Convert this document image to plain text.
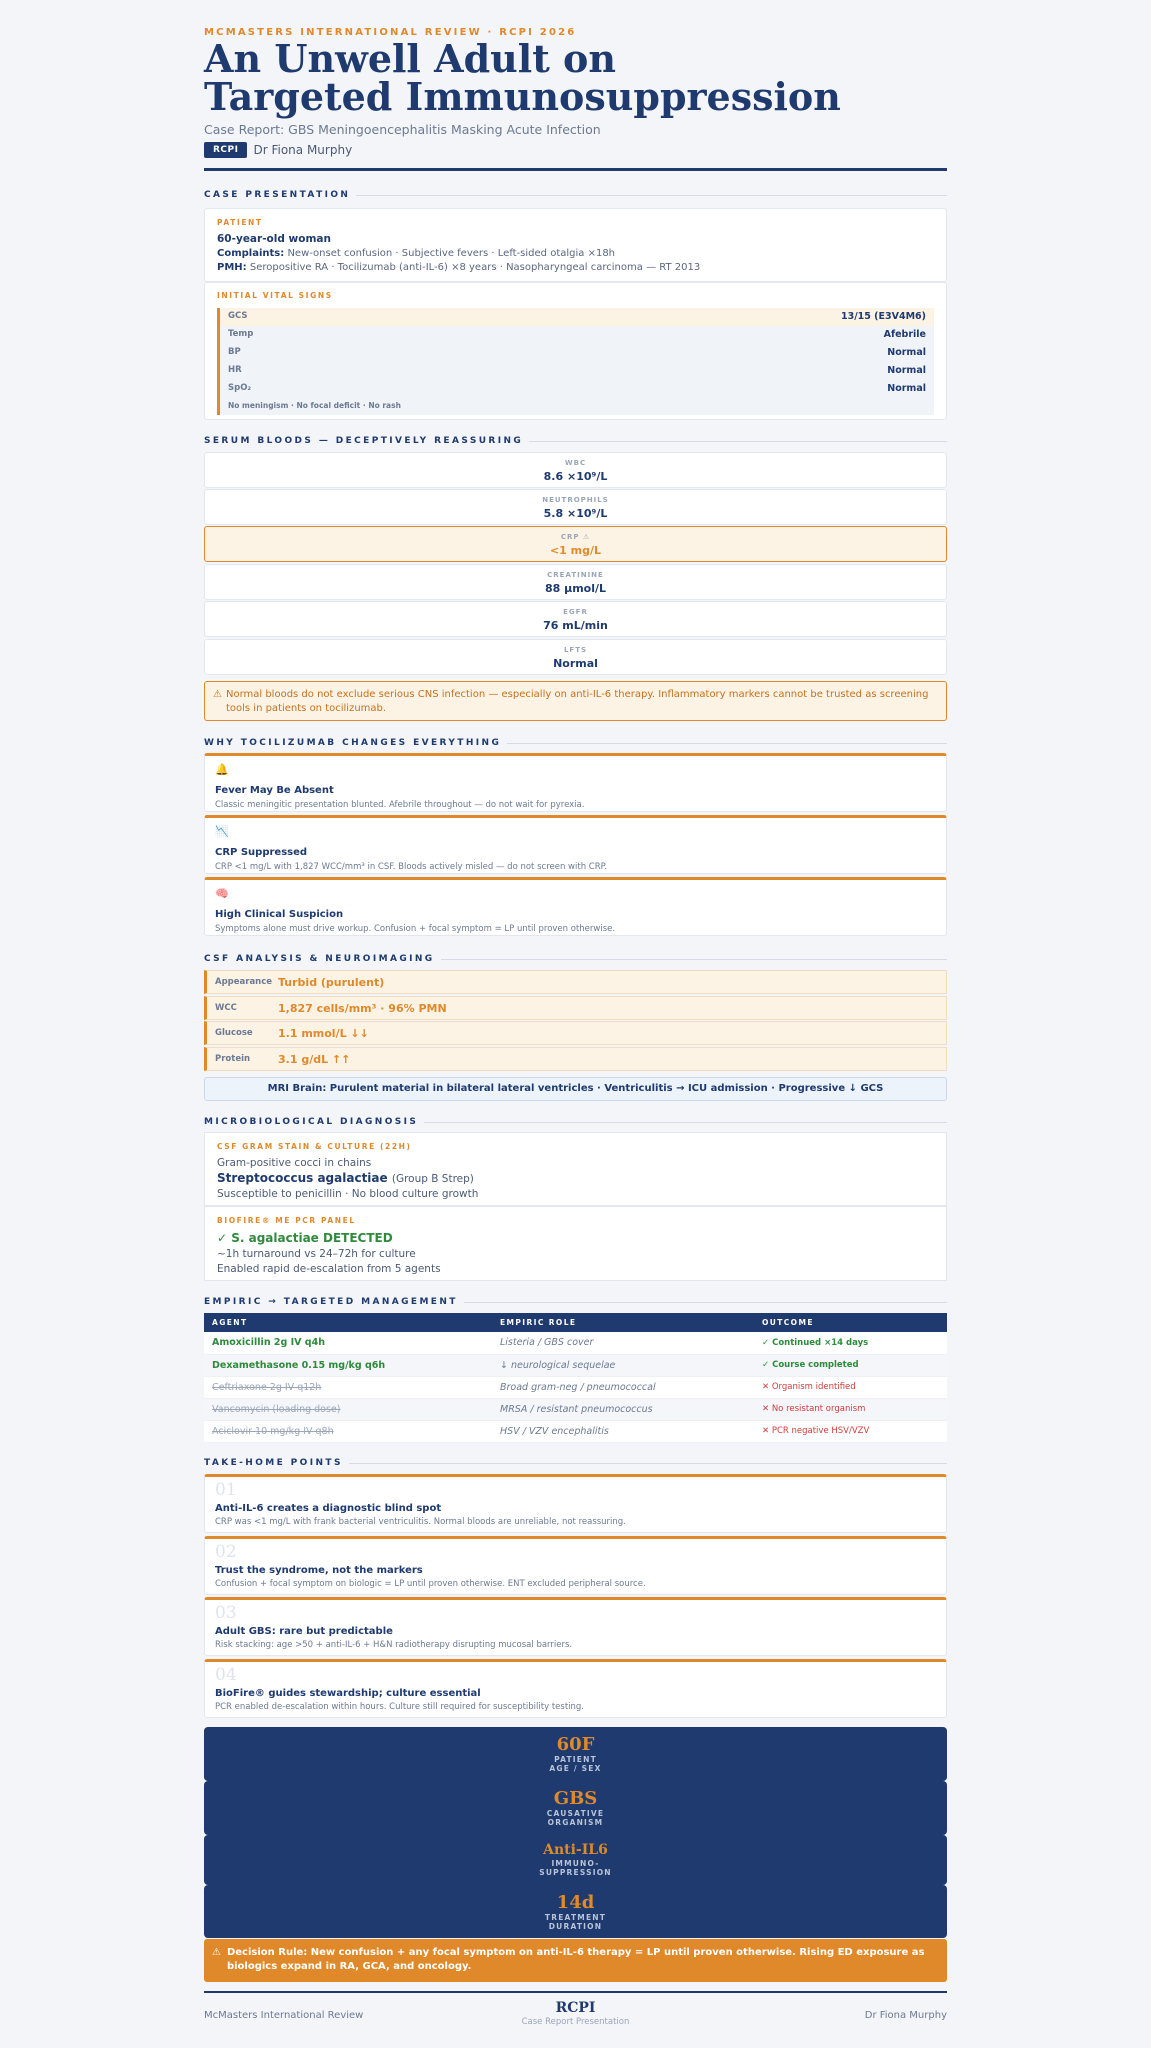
MCMASTERS INTERNATIONAL REVIEW · RCPI 2026
An Unwell Adult on
Targeted Immunosuppression
Case Report: GBS Meningoencephalitis Masking Acute Infection
RCPI	Dr Fiona Murphy
CASE PRESENTATION
PATIENT
60-year-old woman
Complaints: New-onset confusion · Subjective fevers · Left-sided otalgia ×18h
PMH: Seropositive RA · Tocilizumab (anti-IL-6) ×8 years · Nasopharyngeal carcinoma — RT 2013
INITIAL VITAL SIGNS
GCS	13/15 (E3V4M6)
Temp	Afebrile
BP	Normal
HR	Normal
SpO₂	Normal
No meningism · No focal deficit · No rash
SERUM BLOODS — DECEPTIVELY REASSURING
WBC
8.6 ×10⁹/L
NEUTROPHILS
5.8 ×10⁹/L
CRP ⚠
<1 mg/L
CREATININE
88 µmol/L
EGFR
76 mL/min
LFTS
Normal
⚠ Normal bloods do not exclude serious CNS infection — especially on anti-IL-6 therapy. Inflammatory markers cannot be trusted as screening tools in patients on tocilizumab.
WHY TOCILIZUMAB CHANGES EVERYTHING
🔔
Fever May Be Absent
Classic meningitic presentation blunted. Afebrile throughout — do not wait for pyrexia.
📉
CRP Suppressed
CRP <1 mg/L with 1,827 WCC/mm³ in CSF. Bloods actively misled — do not screen with CRP.
🧠
High Clinical Suspicion
Symptoms alone must drive workup. Confusion + focal symptom = LP until proven otherwise.
CSF ANALYSIS & NEUROIMAGING
Appearance Turbid (purulent)
WCC	1,827 cells/mm³ · 96% PMN
Glucose	1.1 mmol/L ↓↓
Protein	3.1 g/dL ↑↑
MRI Brain: Purulent material in bilateral lateral ventricles · Ventriculitis → ICU admission · Progressive ↓ GCS
MICROBIOLOGICAL DIAGNOSIS
CSF GRAM STAIN & CULTURE (22H)
Gram-positive cocci in chains
Streptococcus agalactiae (Group B Strep)
Susceptible to penicillin · No blood culture growth
BIOFIRE® ME PCR PANEL
✓ S. agalactiae DETECTED
~1h turnaround vs 24–72h for culture
Enabled rapid de-escalation from 5 agents
EMPIRIC → TARGETED MANAGEMENT
AGENT	EMPIRIC ROLE	OUTCOME
Amoxicillin 2g IV q4h	Listeria / GBS cover	✓ Continued ×14 days
Dexamethasone 0.15 mg/kg q6h	↓ neurological sequelae	✓ Course completed
Ceftriaxone 2g IV q12h	Broad gram-neg / pneumococcal	✕ Organism identified
Vancomycin (loading dose)	MRSA / resistant pneumococcus	✕ No resistant organism
Aciclovir 10 mg/kg IV q8h	HSV / VZV encephalitis	✕ PCR negative HSV/VZV
TAKE-HOME POINTS
01
Anti-IL-6 creates a diagnostic blind spot
CRP was <1 mg/L with frank bacterial ventriculitis. Normal bloods are unreliable, not reassuring.
02
Trust the syndrome, not the markers
Confusion + focal symptom on biologic = LP until proven otherwise. ENT excluded peripheral source.
03
Adult GBS: rare but predictable
Risk stacking: age >50 + anti-IL-6 + H&N radiotherapy disrupting mucosal barriers.
04
BioFire® guides stewardship; culture essential
PCR enabled de-escalation within hours. Culture still required for susceptibility testing.
60F
PATIENT
AGE / SEX
GBS
CAUSATIVE
ORGANISM
Anti-IL6
IMMUNO-
SUPPRESSION
14d
TREATMENT
DURATION
⚠ Decision Rule: New confusion + any focal symptom on anti-IL-6 therapy = LP until proven otherwise. Rising ED exposure as biologics expand in RA, GCA, and oncology.
McMasters International Review	RCPI
Case Report Presentation
Dr Fiona Murphy
